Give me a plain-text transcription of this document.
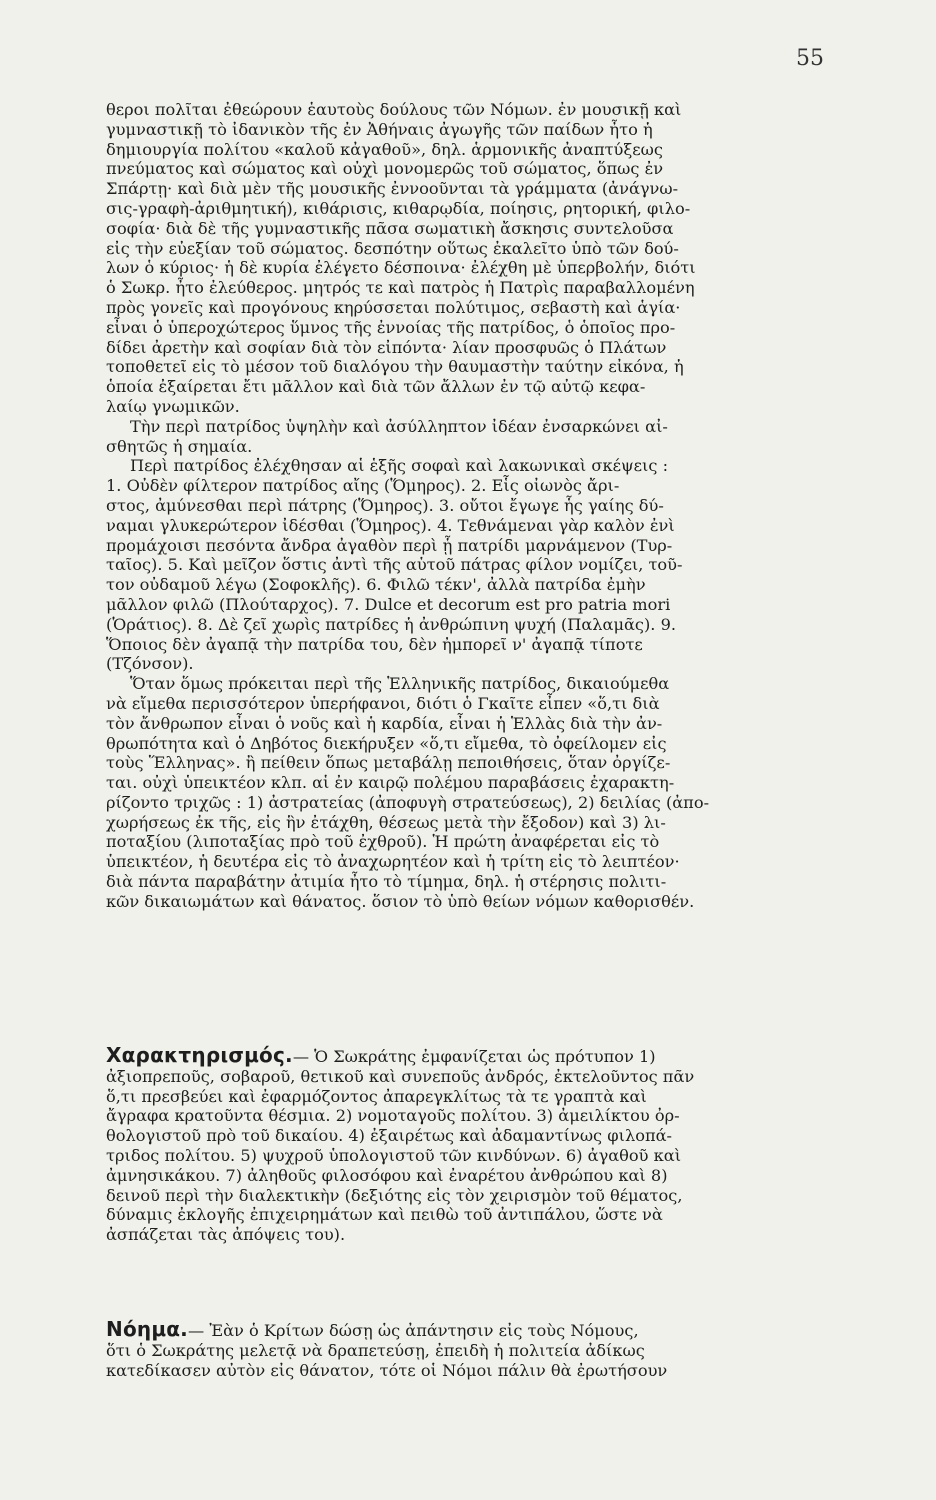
55

θεροι πολῖται ἐθεώρουν ἑαυτοὺς δούλους τῶν Νόμων. ἐν μουσικῇ καὶ
γυμναστικῇ τὸ ἰδανικὸν τῆς ἐν Ἀθήναις ἀγωγῆς τῶν παίδων ἦτο ἡ
δημιουργία πολίτου «καλοῦ κἀγαθοῦ», δηλ. ἁρμονικῆς ἀναπτύξεως
πνεύματος καὶ σώματος καὶ οὐχὶ μονομερῶς τοῦ σώματος, ὅπως ἐν
Σπάρτῃ· καὶ διὰ μὲν τῆς μουσικῆς ἐννοοῦνται τὰ γράμματα (ἀνάγνω-
σις-γραφὴ-ἀριθμητική), κιθάρισις, κιθαρῳδία, ποίησις, ρητορική, φιλο-
σοφία· διὰ δὲ τῆς γυμναστικῆς πᾶσα σωματικὴ ἄσκησις συντελοῦσα
εἰς τὴν εὐεξίαν τοῦ σώματος. δεσπότην οὕτως ἐκαλεῖτο ὑπὸ τῶν δού-
λων ὁ κύριος· ἡ δὲ κυρία ἐλέγετο δέσποινα· ἐλέχθη μὲ ὑπερβολήν, διότι
ὁ Σωκρ. ἦτο ἐλεύθερος. μητρός τε καὶ πατρὸς ἡ Πατρὶς παραβαλλομένη
πρὸς γονεῖς καὶ προγόνους κηρύσσεται πολύτιμος, σεβαστὴ καὶ ἁγία·
εἶναι ὁ ὑπεροχώτερος ὕμνος τῆς ἐννοίας τῆς πατρίδος, ὁ ὁποῖος προ-
δίδει ἀρετὴν καὶ σοφίαν διὰ τὸν εἰπόντα· λίαν προσφυῶς ὁ Πλάτων
τοποθετεῖ εἰς τὸ μέσον τοῦ διαλόγου τὴν θαυμαστὴν ταύτην εἰκόνα, ἡ
ὁποία ἐξαίρεται ἔτι μᾶλλον καὶ διὰ τῶν ἄλλων ἐν τῷ αὐτῷ κεφα-
λαίῳ γνωμικῶν.

Τὴν περὶ πατρίδος ὑψηλὴν καὶ ἀσύλληπτον ἰδέαν ἐνσαρκώνει αἰ-
σθητῶς ἡ σημαία.

Περὶ πατρίδος ἐλέχθησαν αἱ ἑξῆς σοφαὶ καὶ λακωνικαὶ σκέψεις :
1. Οὐδὲν φίλτερον πατρίδος αἴης (Ὅμηρος). 2. Εἷς οἰωνὸς ἄρι-
στος, ἀμύνεσθαι περὶ πάτρης (Ὅμηρος). 3. οὔτοι ἔγωγε ἧς γαίης δύ-
ναμαι γλυκερώτερον ἰδέσθαι (Ὅμηρος). 4. Τεθνάμεναι γὰρ καλὸν ἐνὶ
προμάχοισι πεσόντα ἄνδρα ἀγαθὸν περὶ ᾗ πατρίδι μαρνάμενον (Τυρ-
ταῖος). 5. Καὶ μεῖζον ὅστις ἀντὶ τῆς αὑτοῦ πάτρας φίλον νομίζει, τοῦ-
τον οὐδαμοῦ λέγω (Σοφοκλῆς). 6. Φιλῶ τέκν', ἀλλὰ πατρίδα ἐμὴν
μᾶλλον φιλῶ (Πλούταρχος). 7. Dulce et decorum est pro patria mori
(Ὁράτιος). 8. Δὲ ζεῖ χωρὶς πατρίδες ἡ ἀνθρώπινη ψυχή (Παλαμᾶς). 9.
Ὅποιος δὲν ἀγαπᾷ τὴν πατρίδα του, δὲν ἠμπορεῖ ν' ἀγαπᾷ τίποτε
(Τζόνσον).

Ὅταν ὅμως πρόκειται περὶ τῆς Ἑλληνικῆς πατρίδος, δικαιούμεθα
νὰ εἴμεθα περισσότερον ὑπερήφανοι, διότι ὁ Γκαῖτε εἶπεν «ὅ,τι διὰ
τὸν ἄνθρωπον εἶναι ὁ νοῦς καὶ ἡ καρδία, εἶναι ἡ Ἑλλὰς διὰ τὴν ἀν-
θρωπότητα καὶ ὁ Δηβότος διεκήρυξεν «ὅ,τι εἴμεθα, τὸ ὀφείλομεν εἰς
τοὺς Ἕλληνας». ἢ πείθειν ὅπως μεταβάλῃ πεποιθήσεις, ὅταν ὀργίζε-
ται. οὐχὶ ὑπεικτέον κλπ. αἱ ἐν καιρῷ πολέμου παραβάσεις ἐχαρακτη-
ρίζοντο τριχῶς : 1) ἀστρατείας (ἀποφυγὴ στρατεύσεως), 2) δειλίας (ἀπο-
χωρήσεως ἐκ τῆς, εἰς ἣν ἐτάχθη, θέσεως μετὰ τὴν ἔξοδον) καὶ 3) λι-
ποταξίου (λιποταξίας πρὸ τοῦ ἐχθροῦ). Ἡ πρώτη ἀναφέρεται εἰς τὸ
ὑπεικτέον, ἡ δευτέρα εἰς τὸ ἀναχωρητέον καὶ ἡ τρίτη εἰς τὸ λειπτέον·
διὰ πάντα παραβάτην ἀτιμία ἦτο τὸ τίμημα, δηλ. ἡ στέρησις πολιτι-
κῶν δικαιωμάτων καὶ θάνατος. ὅσιον τὸ ὑπὸ θείων νόμων καθορισθέν.

Χαρακτηρισμός.— Ὁ Σωκράτης ἐμφανίζεται ὡς πρότυπον 1)
ἀξιοπρεποῦς, σοβαροῦ, θετικοῦ καὶ συνεποῦς ἀνδρός, ἐκτελοῦντος πᾶν
ὅ,τι πρεσβεύει καὶ ἐφαρμόζοντος ἀπαρεγκλίτως τὰ τε γραπτὰ καὶ
ἄγραφα κρατοῦντα θέσμια. 2) νομοταγοῦς πολίτου. 3) ἀμειλίκτου ὀρ-
θολογιστοῦ πρὸ τοῦ δικαίου. 4) ἐξαιρέτως καὶ ἀδαμαντίνως φιλοπά-
τριδος πολίτου. 5) ψυχροῦ ὑπολογιστοῦ τῶν κινδύνων. 6) ἀγαθοῦ καὶ
ἀμνησικάκου. 7) ἀληθοῦς φιλοσόφου καὶ ἐναρέτου ἀνθρώπου καὶ 8)
δεινοῦ περὶ τὴν διαλεκτικὴν (δεξιότης εἰς τὸν χειρισμὸν τοῦ θέματος,
δύναμις ἐκλογῆς ἐπιχειρημάτων καὶ πειθὼ τοῦ ἀντιπάλου, ὥστε νὰ
ἀσπάζεται τὰς ἀπόψεις του).
Νόημα.— Ἐὰν ὁ Κρίτων δώσῃ ὡς ἀπάντησιν εἰς τοὺς Νόμους,
ὅτι ὁ Σωκράτης μελετᾷ νὰ δραπετεύσῃ, ἐπειδὴ ἡ πολιτεία ἀδίκως
κατεδίκασεν αὐτὸν εἰς θάνατον, τότε οἱ Νόμοι πάλιν θὰ ἐρωτήσουν
